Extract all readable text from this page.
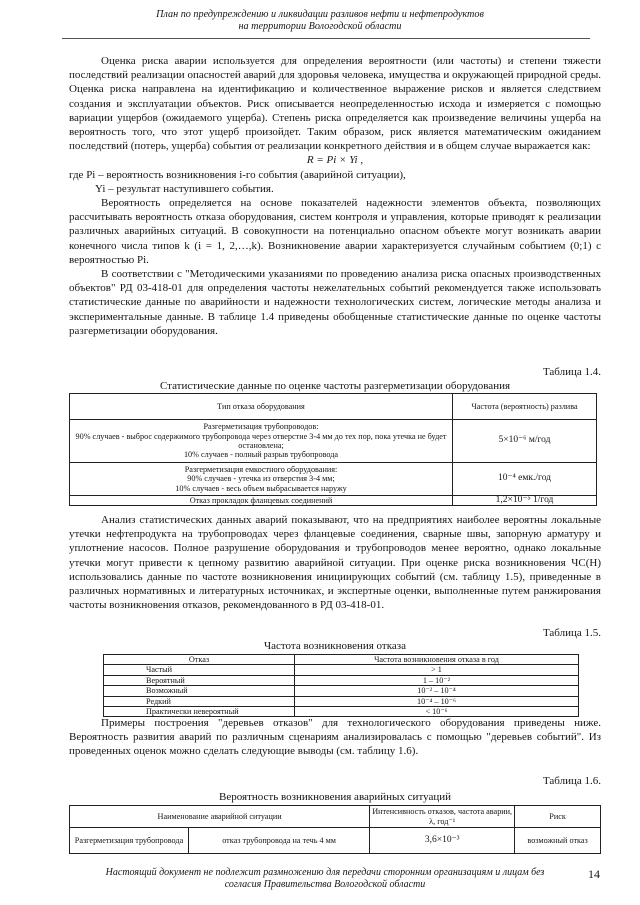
План по предупреждению и ликвидации разливов нефти и нефтепродуктов
на территории Вологодской области

Оценка риска аварии используется для определения вероятности (или частоты) и степени тяжести последствий реализации опасностей аварий для здоровья человека, имущества и окружающей природной среды. Оценка риска направлена на идентификацию и количественное выражение рисков и является следствием создания и эксплуатации объектов. Риск описывается неопределенностью исхода и измеряется с помощью вариации ущербов (ожидаемого ущерба). Степень риска определяется как произведение величины ущерба на вероятность того, что этот ущерб произойдет. Таким образом, риск является математическим ожиданием последствий (потерь, ущерба) события от реализации конкретного действия и в общем случае выражается как:

R = Pi × Yi ,

где Pi – вероятность возникновения i-го события (аварийной ситуации),

Yi – результат наступившего события.

Вероятность определяется на основе показателей надежности элементов объекта, позволяющих рассчитывать вероятность отказа оборудования, систем контроля и управления, которые приводят к реализации различных аварийных ситуаций. В совокупности на потенциально опасном объекте могут возникать аварии конечного числа типов k (i = 1, 2,…,k). Возникновение аварии характеризуется случайным событием (0;1) с вероятностью Pi.

В соответствии с "Методическими указаниями по проведению анализа риска опасных производственных объектов" РД 03-418-01 для определения частоты нежелательных событий рекомендуется также использовать статистические данные по аварийности и надежности технологических систем, логические методы анализа и экспериментальные данные. В таблице 1.4 приведены обобщенные статистические данные по оценке частоты разгерметизации оборудования.

Таблица 1.4.
Статистические данные по оценке частоты разгерметизации оборудования
Тип отказа оборудования	Частота (вероятность) разлива

Разгерметизация трубопроводов:
90% случаев - выброс содержимого трубопровода через отверстие 3-4 мм до тех пор, пока утечка не будет остановлена;
10% случаев - полный разрыв трубопровода	5×10⁻⁶ м/год

Разгерметизация емкостного оборудования:
90% случаев - утечка из отверстия 3-4 мм;
10% случаев - весь объем выбрасывается наружу	10⁻⁴ емк./год
Отказ прокладок фланцевых соединений	1,2×10⁻⁵ 1/год

Анализ статистических данных аварий показывают, что на предприятиях наиболее вероятны локальные утечки нефтепродукта на трубопроводах через фланцевые соединения, сварные швы, запорную арматуру и уплотнение насосов. Полное разрушение оборудования и трубопроводов менее вероятно, однако локальные утечки могут привести к цепному развитию аварийной ситуации. При оценке риска возникновения ЧС(Н) использовались данные по частоте возникновения инициирующих событий (см. таблицу 1.5), приведенные в различных нормативных и литературных источниках, и экспертные оценки, выполненные путем ранжирования частоты возникновения отказов, рекомендованного в РД 03-418-01.

Таблица 1.5.
Частота возникновения отказа
Отказ	Частота возникновения отказа в год
Частый	> 1
Вероятный	1 – 10⁻²
Возможный	10⁻² – 10⁻⁴
Редкий	10⁻⁴ – 10⁻⁶
Практически невероятный	< 10⁻⁶

Примеры построения "деревьев отказов" для технологического оборудования приведены ниже. Вероятность развития аварий по различным сценариям анализировалась с помощью "деревьев событий". Из проведенных оценок можно сделать следующие выводы (см. таблицу 1.6).

Таблица 1.6.
Вероятность возникновения аварийных ситуаций
Наименование аварийной ситуации		Интенсивность отказов, частота аварии, λ, год⁻¹	Риск
Разгерметизация трубопровода	отказ трубопровода на течь 4 мм	3,6×10⁻³	возможный отказ
Настоящий документ не подлежит размножению для передачи сторонним организациям и лицам без согласия Правительства Вологодской области
14
